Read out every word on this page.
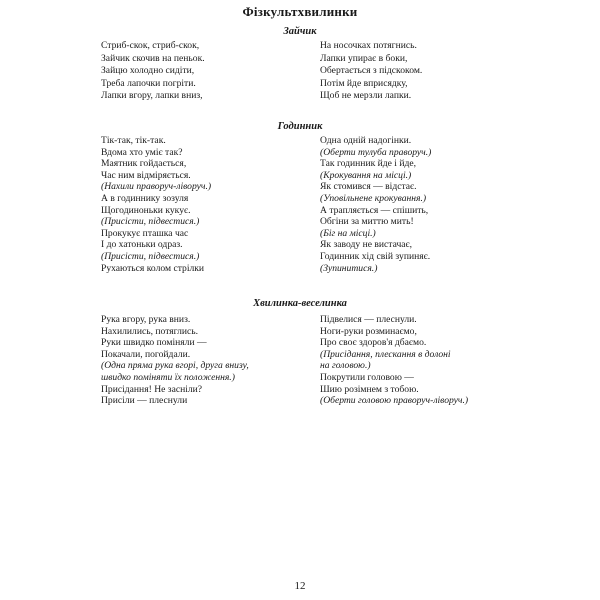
Фізкультхвилинки
Зайчик
Стриб-скок, стриб-скок,
Зайчик скочив на пеньок.
Зайцю холодно сидіти,
Треба лапочки погріти.
Лапки вгору, лапки вниз,
На носочках потягнись.
Лапки упирає в боки,
Обертається з підскоком.
Потім йде вприсядку,
Щоб не мерзли лапки.
Годинник
Тік-так, тік-так.
Вдома хто уміє так?
Маятник гойдається,
Час ним відміряється.
(Нахили праворуч-ліворуч.)
А в годиннику зозуля
Щогодиноньки кукує.
(Присісти, підвестися.)
Прокукує пташка час
І до хатоньки одраз.
(Присісти, підвестися.)
Рухаються колом стрілки
Одна одній надогінки.
(Оберти тулуба праворуч.)
Так годинник йде і йде,
(Крокування на місці.)
Як стомився — відстає.
(Уповільнене крокування.)
А трапляється — спішить,
Обгіни за миттю мить!
(Біг на місці.)
Як заводу не вистачає,
Годинник хід свій зупиняє.
(Зупинитися.)
Хвилинка-веселинка
Рука вгору, рука вниз.
Нахилились, потяглись.
Руки швидко поміняли —
Покачали, погойдали.
(Одна пряма рука вгорі, друга внизу,
швидко поміняти їх положення.)
Присідання! Не засніли?
Присіли — плеснули
Підвелися — плеснули.
Ноги-руки розминаємо,
Про своє здоров'я дбаємо.
(Присідання, плескання в долоні
на головою.)
Покрутили головою —
Шию розімнем з тобою.
(Оберти головою праворуч-ліворуч.)
12
